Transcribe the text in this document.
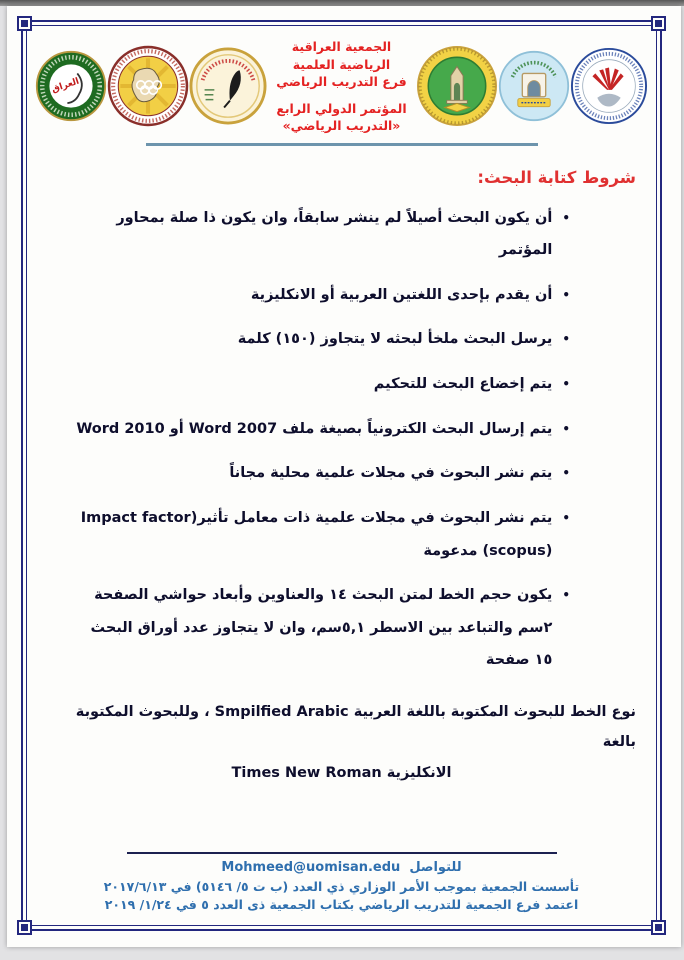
العراق
الجمعية العراقية الرياضية العلمية
فرع التدريب الرياضي
المؤتمر الدولي الرابع
«التدريب الرياضي»
شروط كتابة البحث:
•
أن يكون البحث أصيلاً لم ينشر سابقاً، وان يكون ذا صلة بمحاور المؤتمر
•
أن يقدم بإحدى اللغتين العربية أو الانكليزية
•
يرسل البحث ملخأ لبحثه لا يتجاوز (١٥٠) كلمة
•
يتم إخضاع البحث للتحكيم
•
يتم إرسال البحث الكترونياً بصيغة ملف Word 2007 أو Word 2010
•
يتم نشر البحوث في مجلات علمية محلية مجاناً
•
يتم نشر البحوث في مجلات علمية ذات معامل تأثير(Impact factor (scopus) مدعومة
•
يكون حجم الخط لمتن البحث ١٤ والعناوين وأبعاد حواشي الصفحة ٢سم والتباعد بين الاسطر ٥,١سم، وان لا يتجاوز عدد أوراق البحث ١٥ صفحة
نوع الخط للبحوث المكتوبة باللغة العربية Smpilfied Arabic ، وللبحوث المكتوبة بالغة
الانكليزية Times New Roman
للتواصل
Mohmeed@uomisan.edu
تأسست الجمعية بموجب الأمر الوزاري ذي العدد (ب ت ٥/ ٥١٤٦) في ٢٠١٧/٦/١٣
اعتمد فرع الجمعية للتدريب الرياضي بكتاب الجمعية ذى العدد ٥ في ١/٢٤/ ٢٠١٩
